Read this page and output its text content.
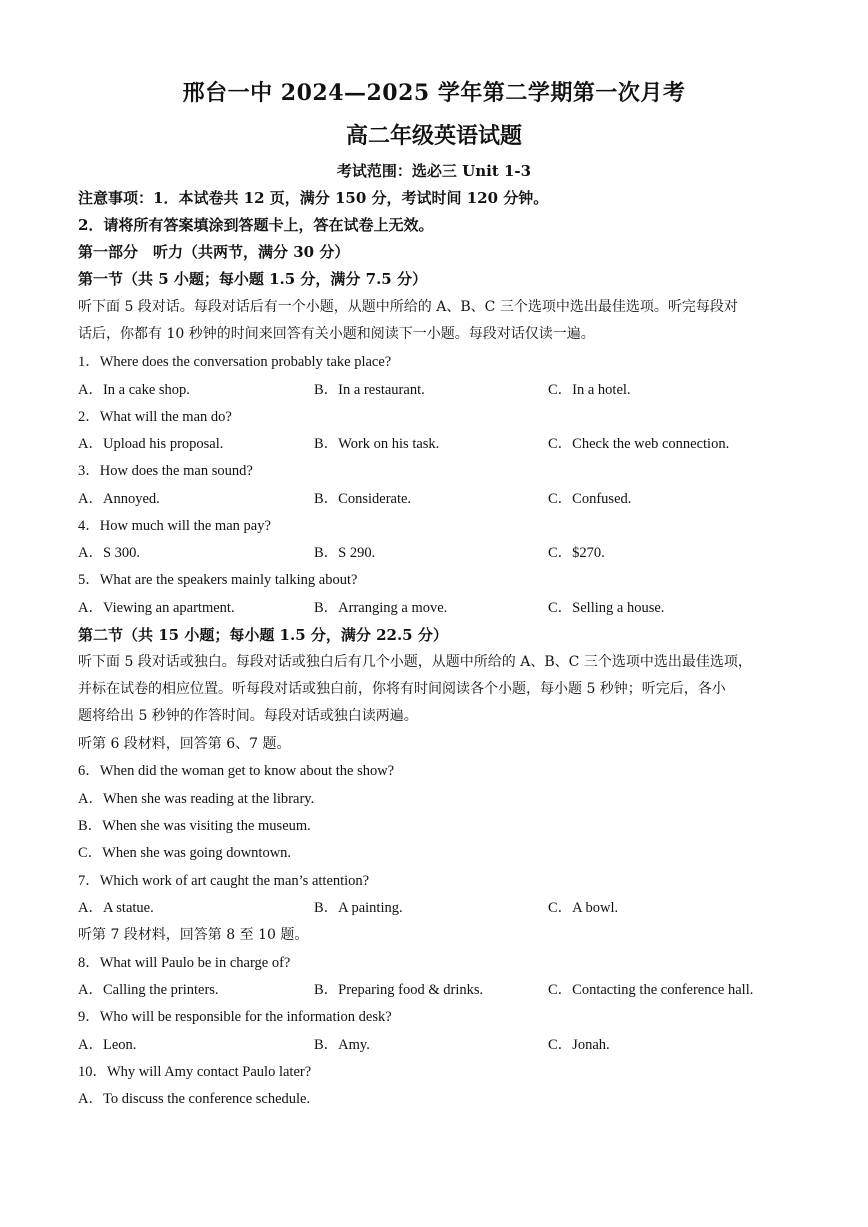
邢台一中 2024—2025 学年第二学期第一次月考
高二年级英语试题
考试范围：选必三 Unit 1-3
注意事项：1．本试卷共 12 页，满分 150 分，考试时间 120 分钟。
2．请将所有答案填涂到答题卡上，答在试卷上无效。
第一部分　听力（共两节，满分 30 分）
第一节（共 5 小题；每小题 1.5 分，满分 7.5 分）
听下面 5 段对话。每段对话后有一个小题，从题中所给的 A、B、C 三个选项中选出最佳选项。听完每段对
话后，你都有 10 秒钟的时间来回答有关小题和阅读下一小题。每段对话仅读一遍。
1．Where does the conversation probably take place?
A．In a cake shop.	B．In a restaurant.	C．In a hotel.
2．What will the man do?
A．Upload his proposal.	B．Work on his task.	C．Check the web connection.
3．How does the man sound?
A．Annoyed.	B．Considerate.	C．Confused.
4．How much will the man pay?
A．S 300.	B．S 290.	C．$270.
5．What are the speakers mainly talking about?
A．Viewing an apartment.	B．Arranging a move.	C．Selling a house.
第二节（共 15 小题；每小题 1.5 分，满分 22.5 分）
听下面 5 段对话或独白。每段对话或独白后有几个小题，从题中所给的 A、B、C 三个选项中选出最佳选项，
并标在试卷的相应位置。听每段对话或独白前，你将有时间阅读各个小题，每小题 5 秒钟；听完后，各小
题将给出 5 秒钟的作答时间。每段对话或独白读两遍。
听第 6 段材料，回答第 6、7 题。
6．When did the woman get to know about the show?
A．When she was reading at the library.
B．When she was visiting the museum.
C．When she was going downtown.
7．Which work of art caught the man’s attention?
A．A statue.	B．A painting.	C．A bowl.
听第 7 段材料，回答第 8 至 10 题。
8．What will Paulo be in charge of?
A．Calling the printers.	B．Preparing food & drinks.	C．Contacting the conference hall.
9．Who will be responsible for the information desk?
A．Leon.	B．Amy.	C．Jonah.
10．Why will Amy contact Paulo later?
A．To discuss the conference schedule.
